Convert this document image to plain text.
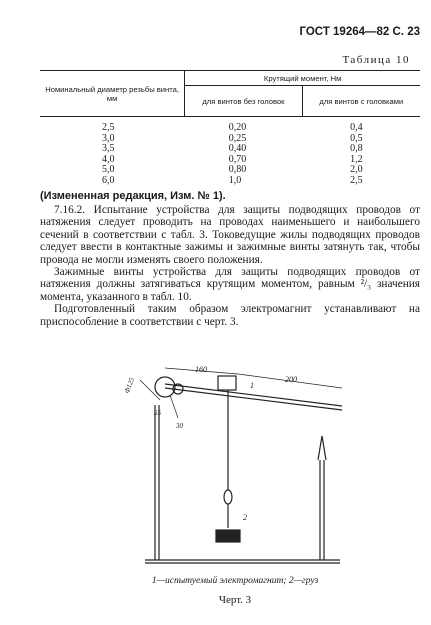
ГОСТ 19264—82 С. 23
Таблица 10
Номинальный диаметр резьбы винта, мм	Крутящий момент, Нм	
	для винтов без головок	для винтов с головками

2,5	0,20	0,4
3,0	0,25	0,5
3,5	0,40	0,8
4,0	0,70	1,2
5,0	0,80	2,0
6,0	1,0	2,5
(Измененная редакция, Изм. № 1).

7.16.2. Испытание устройства для защиты подводящих проводов от натяжения следует проводить на проводах наименьшего и наибольшего сечений в соответствии с табл. 3. Токоведущие жилы подводящих проводов следует ввести в контактные зажимы и зажимные винты затянуть так, чтобы провода не могли изменять своего положения.

Зажимные винты устройства для защиты подводящих проводов от натяжения должны затягиваться крутящим моментом, равным ²/₃ значения момента, указанного в табл. 10.

Подготовленный таким образом электромагнит устанавливают на приспособление в соответствии с черт. 3.

160
200
Ф125
55
30
1
2
1—испытуемый электромагнит; 2—груз
Черт. 3
